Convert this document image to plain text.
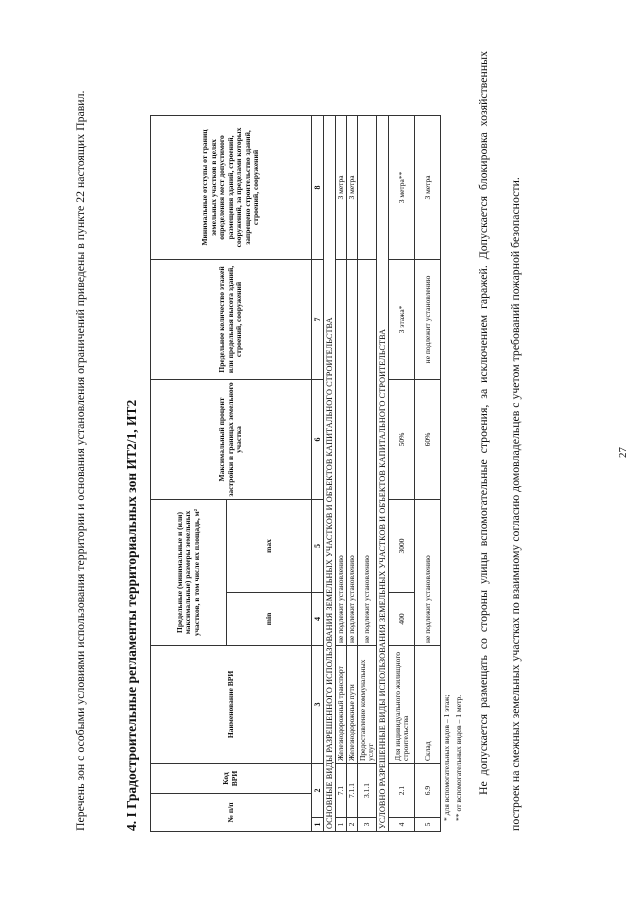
Перечень зон с особыми условиями использования территории и основания установления ограничений приведены в пункте 22 настоящих Правил.	4. I Градостроительные регламенты территориальных зон ИТ2/1, ИТ2	№ п/п		Код ВРИ	Наименование ВРИ	Предельные (минимальные и (или) максимальные) размеры земельных участков, в том числе их площадь, м²		Максимальный процент застройки в границах земельного участка	Предельное количество этажей или предельная высота зданий, строений, сооружений	Минимальные отступы от границ земельных участков в целях определения мест допустимого размещения зданий, строений, сооружений, за пределами которых запрещено строительство зданий, строений, сооружений
				min	max			
1	2		3	4	5	6	7	8
ОСНОВНЫЕ ВИДЫ РАЗРЕШЕННОГО ИСПОЛЬЗОВАНИЯ ЗЕМЕЛЬНЫХ УЧАСТКОВ И ОБЪЕКТОВ КАПИТАЛЬНОГО СТРОИТЕЛЬСТВА								
1	7.1		Железнодорожный транспорт	не подлежит установлению				3 метра
2	7.1.1		Железнодорожные пути	не подлежит установлению				3 метра
3	3.1.1		Предоставление коммунальных услуг	не подлежит установлению				
УСЛОВНО РАЗРЕШЕННЫЕ ВИДЫ ИСПОЛЬЗОВАНИЯ ЗЕМЕЛЬНЫХ УЧАСТКОВ И ОБЪЕКТОВ КАПИТАЛЬНОГО СТРОИТЕЛЬСТВА								
4	2.1		Для индивидуального жилищного строительства	400	3000	50%	3 этажа*	3 метра**
5	6.9		Склад	не подлежит установлению		60%	не подлежит установлению	3 метра
* для вспомогательных видов – 1 этаж; ** от вспомогательных видов – 1 метр.	Не допускается размещать со стороны улицы вспомогательные строения, за исключением гаражей. Допускается блокировка хозяйственных построек на смежных земельных участках по взаимному согласию домовладельцев с учетом требований пожарной безопасности.	27
